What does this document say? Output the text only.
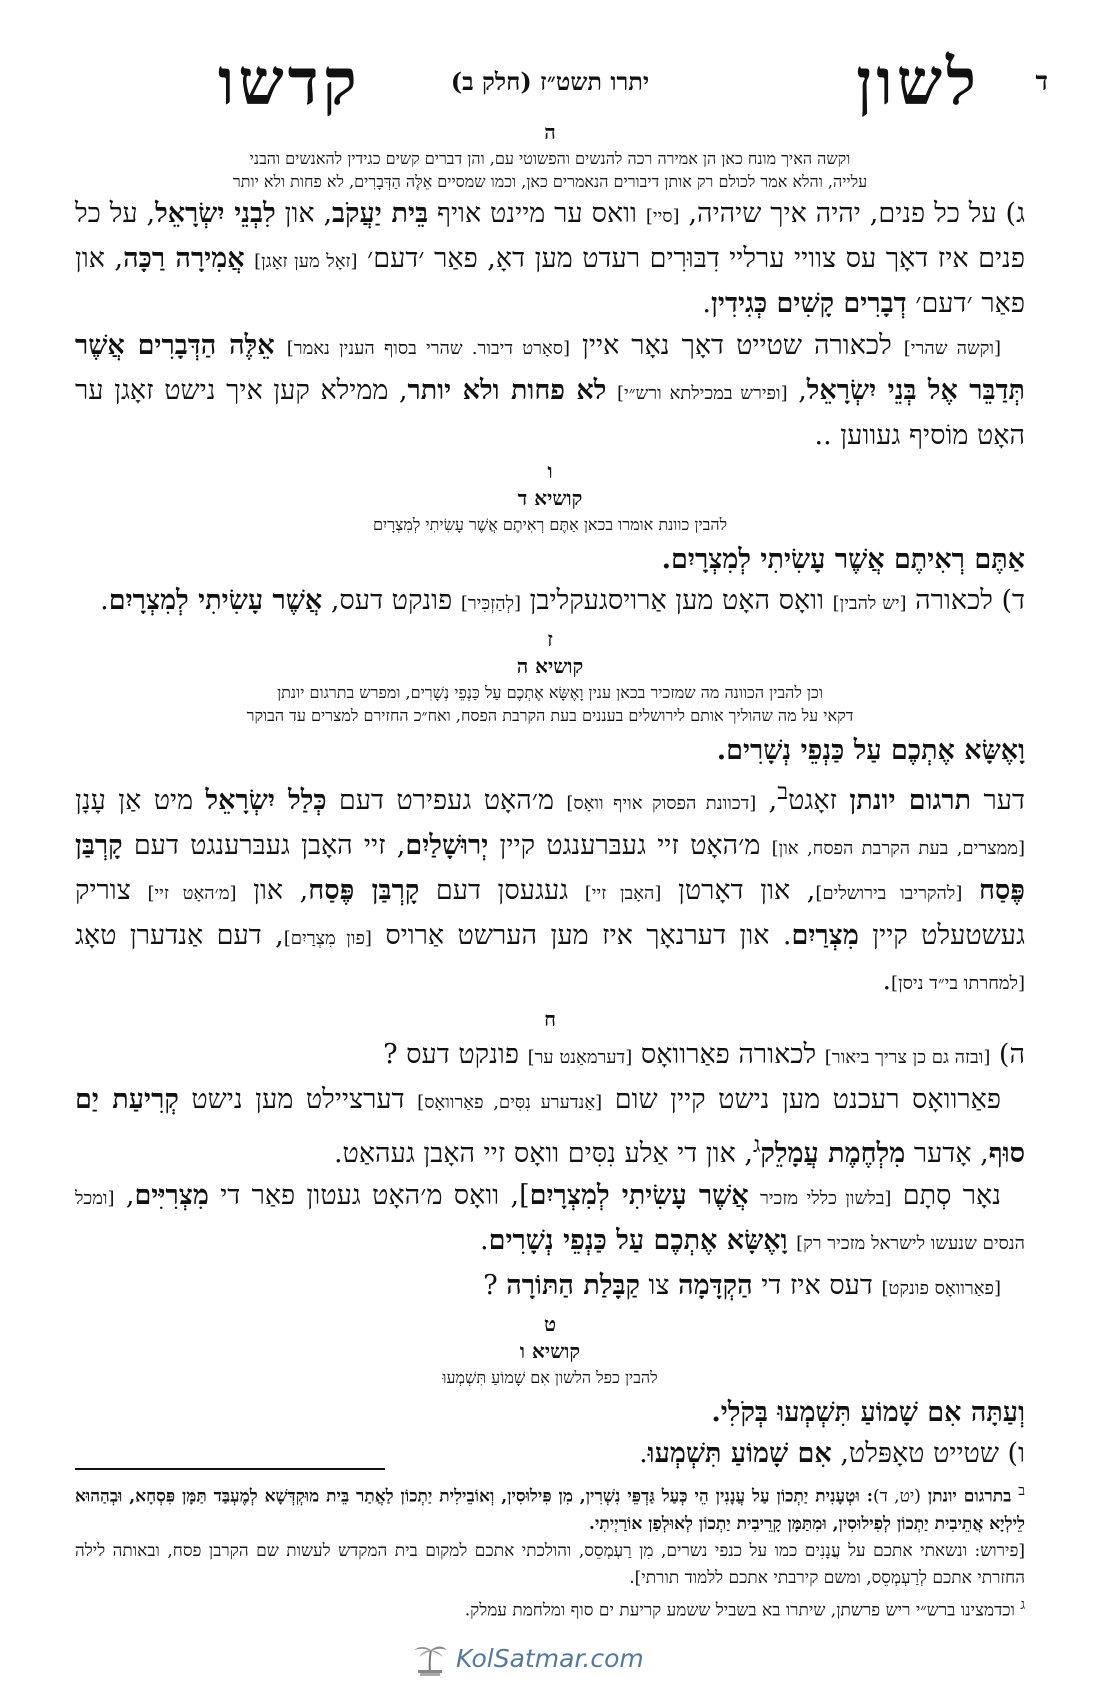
ד
לשון
יתרו תשט״ז (חלק ב)
קדשו
ה

וקשה האיך מונח כאן הן אמירה רכה להנשים והפשוטי עם, והן דברים קשים כגידין להאנשים והבני

עלייה, והלא אמר לכולם רק אותן דיבורים הנאמרים כאן, וכמו שמסיים אֵלֶּה הַדְּבָרִים, לא פחות ולא יותר

ג) על כל פנים, יהיה איך שיהיה, [סיי] וואס ער מיינט אויף בֵּית יַעֲקֹב, און לִבְנֵי יִשְׂרָאֵל, על כל פנים איז דאָך עס צוויי ערליי דִבּוּרִים רעדט מען דאָ, פאַר ׳דעם׳ [זאָל מען זאָגן] אֲמִירָה רַכָּה, און פאַר ׳דעם׳ דְבָרִים קָשִׁים כְּגִידִין.

[וקשה שהרי] לכאורה שטייט דאָך נאָר איין [סאָרט דיבור. שהרי בסוף הענין נאמר] אֵלֶּה הַדְּבָרִים אֲשֶׁר תְּדַבֵּר אֶל בְּנֵי יִשְׂרָאֵל, [ופירש במכילתא ורש״י] לא פחות ולא יותר, ממילא קען איך נישט זאָגן ער האָט מוֹסיף געווען ..

ו
קושיא ד

להבין כוונת אומרו בכאן אַתֶּם רְאִיתֶם אֲשֶׁר עָשִׂיתִי לְמִצְרָיִם

אַתֶּם רְאִיתֶם אֲשֶׁר עָשִׂיתִי לְמִצְרָיִם.

ד) לכאורה [יש להבין] וואָס האָט מען אַרויסגעקליבן [לְהַזְכִּיר] פונקט דעס, אֲשֶׁר עָשִׂיתִי לְמִצְרָיִם.

ז
קושיא ה

וכן להבין הכוונה מה שמזכיר בכאן ענין וָאֶשָּׂא אֶתְכֶם עַל כַּנְפֵי נְשָׁרִים, ומפרש בתרגום יונתן

דקאי על מה שהוליך אותם לירושלים בעננים בעת הקרבת הפסח, ואח״כ החזירם למצרים עד הבוקר

וָאֶשָּׂא אֶתְכֶם עַל כַּנְפֵי נְשָׁרִים.

דער תרגום יונתן זאָגט$^ב$, [דכוונת הפסוק אויף וואָס] מ׳האָט געפירט דעם כְּלַל יִשְׂרָאֵל מיט אַן עָנָן [ממצרים, בעת הקרבת הפסח, און] מ׳האָט זיי געבּרענגט קיין יְרוּשָׁלַיִם, זיי האָבן געבּרענגט דעם קָרְבַּן פֶּסַח [להקריבו בירושלים], און דאָרטן [האָבן זיי] געגעסן דעם קָרְבַּן פֶּסַח, און [מ׳האָט זיי] צוריק געשטעלט קיין מִצְרַיִם. און דערנאָך איז מען הערשט אַרויס [פון מִצְרַיִם], דעם אַנדערן טאָג [למחרתו בי״ד ניסן].

ח

ה) [ובזה גם כן צריך ביאור] לכאורה פאַרוואָס [דערמאַנט ער] פונקט דעס ?

פאַרוואָס רעכנט מען נישט קיין שום [אַנדערע נִסִּים, פאַרוואָס] דערציילט מען נישט קְרִיעַת יַם סוּף, אָדער מִלְחֶמֶת עֲמָלֵק$^ג$, און די אַלע נִסִּים וואָס זיי האָבן געהאַט.

נאָר סְתָם [בלשון כללי מזכיר אֲשֶׁר עָשִׂיתִי לְמִצְרָיִם], וואָס מ׳האָט געטון פאַר די מִצְרִיִּים, [ומכל הנסים שנעשו לישראל מזכיר רק] וָאֶשָּׂא אֶתְכֶם עַל כַּנְפֵי נְשָׁרִים.

[פאַרוואָס פונקט] דעס איז די הַקְדָּמָה צו קַבָּלַת הַתּוֹרָה ?

ט
קושיא ו

להבין כפל הלשון אִם שָׁמוֹעַ תִּשְׁמְעוּ

וְעַתָּה אִם שָׁמוֹעַ תִּשְׁמְעוּ בְּקֹלִי.

ו) שטייט טאָפּלט, אִם שָׁמוֹעַ תִּשְׁמְעוּ.

$^ב$ בתרגום יונתן (יט, ד): וּטְעָנִית יַתְכוֹן עַל עֲנָנִין הֵי כְּעַל גַּדְפֵּי נִשְׁרִין, מִן פִּילוּסִין, וְאוֹבֵילִית יַתְכוֹן לַאֲתַר בֵּית מוּקְדְּשָׁא לְמֶעְבַּד תַּמָּן פִּסְחָא, וּבְהַהוּא לֵילְיָא אֲתֵיבִית יַתְכוֹן לְפִילוּסִין, וּמִתַּמָּן קָרֵיבִית יַתְכוֹן לְאוּלְפַן אוֹרַיְיתִי.

[פירוש: ונשאתי אתכם על עֲנָנִים כמו על כנפי נשרים, מִן רַעְמְסֵס, והולכתי אתכם למקום בית המקדש לעשות שם הקרבן פסח, ובאותה לילה החזרתי אתכם לְרַעְמְסֵס, ומשם קירבתי אתכם ללמוד תורתי].

$^ג$ וכדמצינו ברש״י ריש פרשתן, שיתרו בא בשביל ששמע קריעת ים סוף ומלחמת עמלק.

KolSatmar.com
